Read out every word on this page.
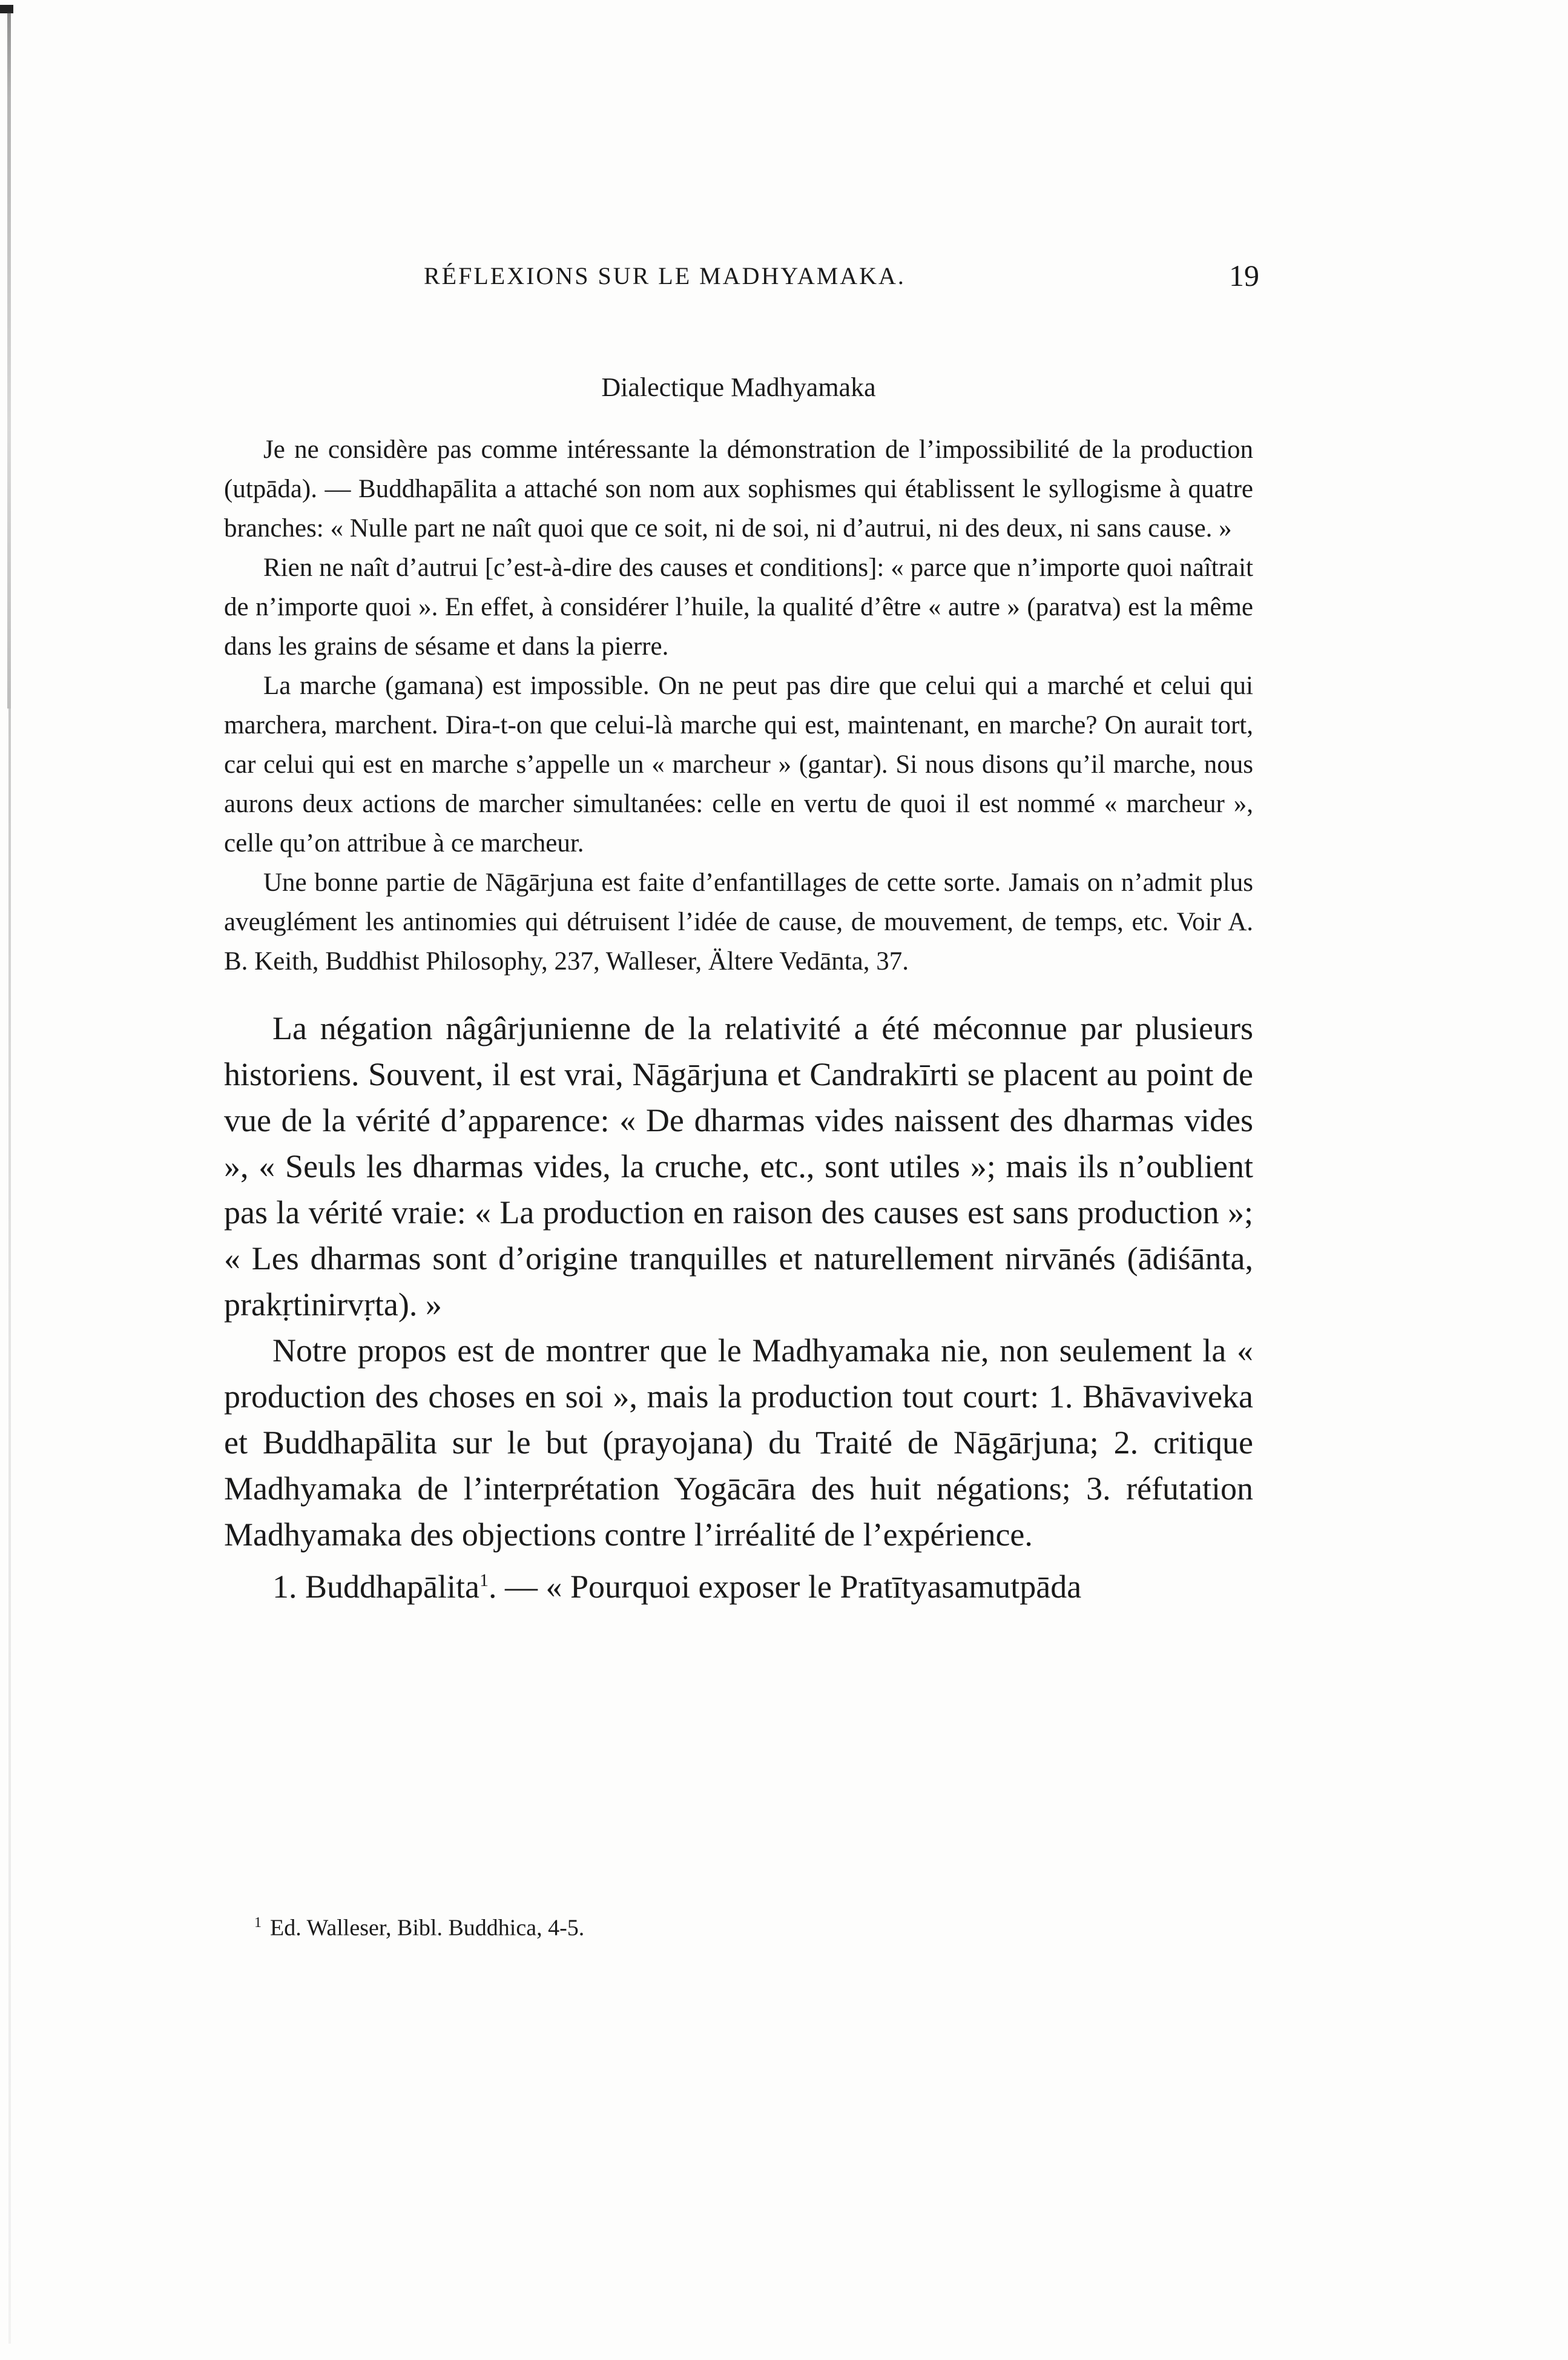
RÉFLEXIONS SUR LE MADHYAMAKA.	19
Dialectique Madhyamaka

Je ne considère pas comme intéressante la démonstration de l’impossibilité de la production (utpāda). — Buddhapālita a attaché son nom aux sophismes qui établissent le syllogisme à quatre branches: « Nulle part ne naît quoi que ce soit, ni de soi, ni d’autrui, ni des deux, ni sans cause. »

Rien ne naît d’autrui [c’est-à-dire des causes et conditions]: « parce que n’importe quoi naîtrait de n’importe quoi ». En effet, à considérer l’huile, la qualité d’être « autre » (paratva) est la même dans les grains de sésame et dans la pierre.

La marche (gamana) est impossible. On ne peut pas dire que celui qui a marché et celui qui marchera, marchent. Dira-t-on que celui-là marche qui est, maintenant, en marche? On aurait tort, car celui qui est en marche s’appelle un « marcheur » (gantar). Si nous disons qu’il marche, nous aurons deux actions de marcher simultanées: celle en vertu de quoi il est nommé « marcheur », celle qu’on attribue à ce marcheur.

Une bonne partie de Nāgārjuna est faite d’enfantillages de cette sorte. Jamais on n’admit plus aveuglément les antinomies qui détruisent l’idée de cause, de mouvement, de temps, etc. Voir A. B. Keith, Buddhist Philosophy, 237, Walleser, Ältere Vedānta, 37.

La négation nâgârjunienne de la relativité a été méconnue par plusieurs historiens. Souvent, il est vrai, Nāgārjuna et Candrakīrti se placent au point de vue de la vérité d’apparence: « De dharmas vides naissent des dharmas vides », « Seuls les dharmas vides, la cruche, etc., sont utiles »; mais ils n’oublient pas la vérité vraie: « La production en raison des causes est sans production »; « Les dharmas sont d’origine tranquilles et naturellement nirvānés (ādiśānta, prakṛtinirvṛta). »

Notre propos est de montrer que le Madhyamaka nie, non seulement la « production des choses en soi », mais la production tout court: 1. Bhāvaviveka et Buddhapālita sur le but (prayojana) du Traité de Nāgārjuna; 2. critique Madhyamaka de l’interprétation Yogācāra des huit négations; 3. réfutation Madhyamaka des objections contre l’irréalité de l’expérience.

1. Buddhapālita$^1$. — « Pourquoi exposer le Pratītyasamutpāda

$^1$ Ed. Walleser, Bibl. Buddhica, 4-5.
